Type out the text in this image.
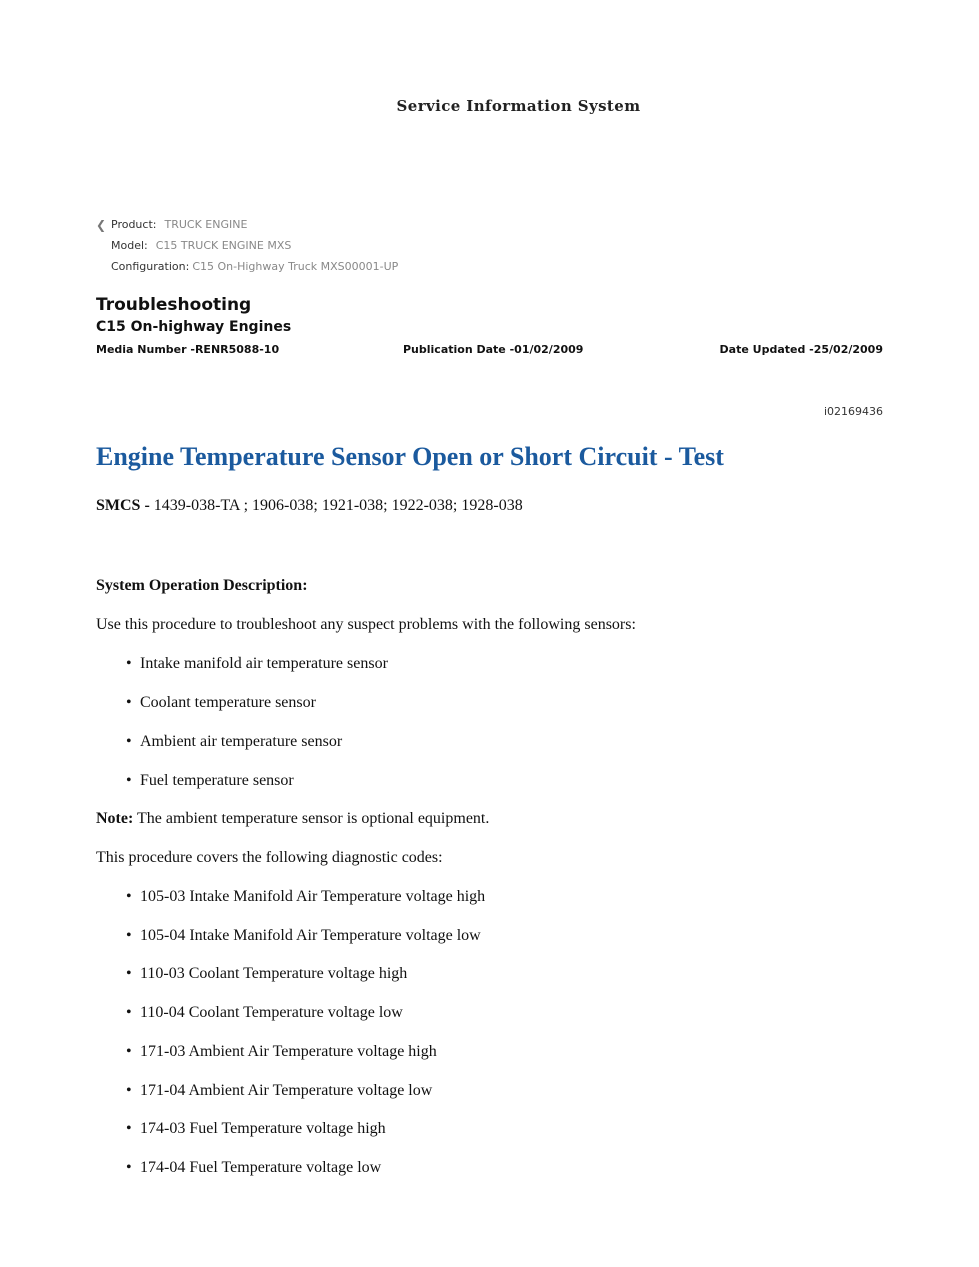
Service Information System
❮ Product: TRUCK ENGINE
Model: C15 TRUCK ENGINE MXS
Configuration: C15 On-Highway Truck MXS00001-UP
Troubleshooting
C15 On-highway Engines
Media Number -RENR5088-10	Publication Date -01/02/2009	Date Updated -25/02/2009
i02169436
Engine Temperature Sensor Open or Short Circuit - Test
SMCS - 1439-038-TA ; 1906-038; 1921-038; 1922-038; 1928-038
System Operation Description:
Use this procedure to troubleshoot any suspect problems with the following sensors:
• Intake manifold air temperature sensor
• Coolant temperature sensor
• Ambient air temperature sensor
• Fuel temperature sensor
Note: The ambient temperature sensor is optional equipment.
This procedure covers the following diagnostic codes:
• 105-03 Intake Manifold Air Temperature voltage high
• 105-04 Intake Manifold Air Temperature voltage low
• 110-03 Coolant Temperature voltage high
• 110-04 Coolant Temperature voltage low
• 171-03 Ambient Air Temperature voltage high
• 171-04 Ambient Air Temperature voltage low
• 174-03 Fuel Temperature voltage high
• 174-04 Fuel Temperature voltage low
